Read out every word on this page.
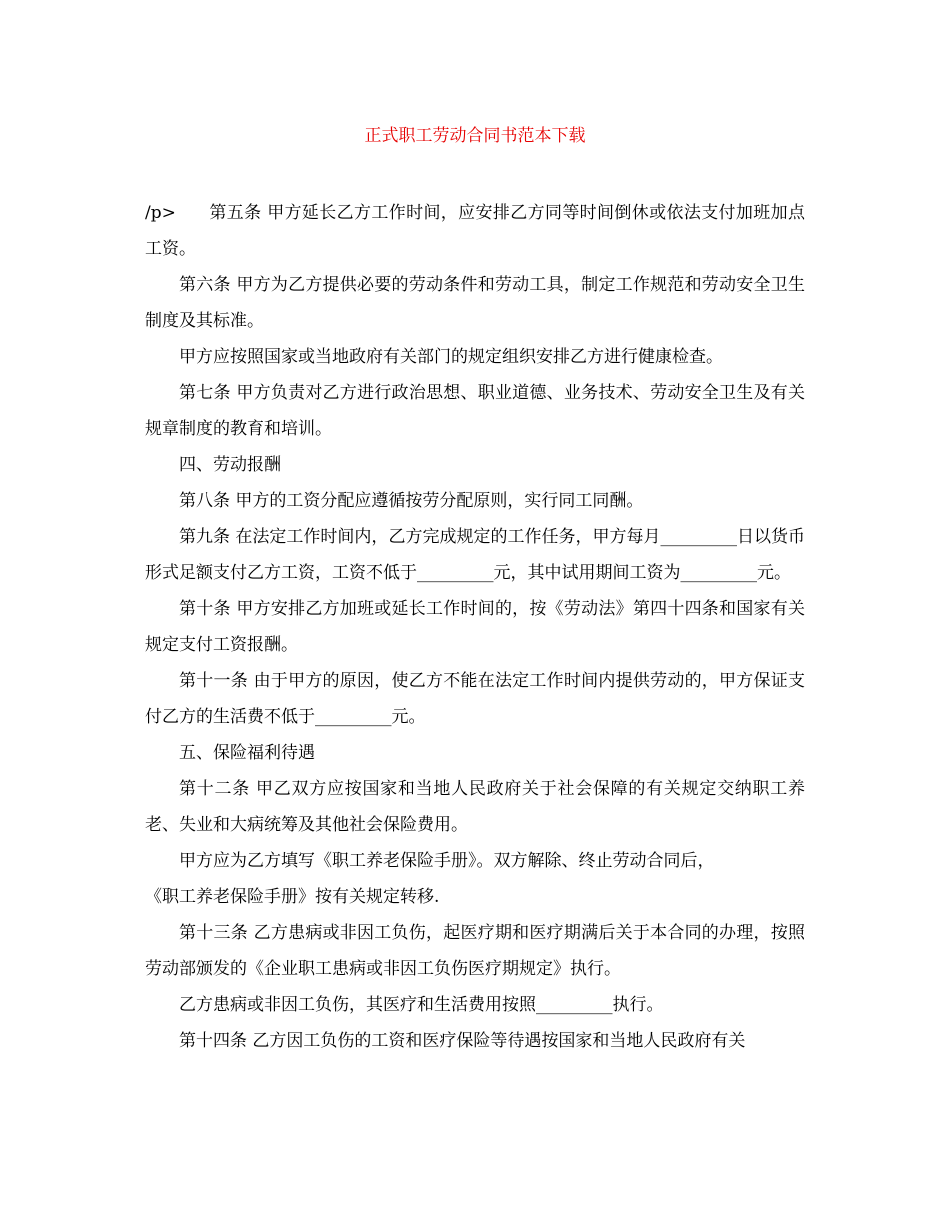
正式职工劳动合同书范本下载

/p> 第五条 甲方延长乙方工作时间，应安排乙方同等时间倒休或依法支付加班加点工资。

第六条 甲方为乙方提供必要的劳动条件和劳动工具，制定工作规范和劳动安全卫生制度及其标准。

甲方应按照国家或当地政府有关部门的规定组织安排乙方进行健康检查。

第七条 甲方负责对乙方进行政治思想、职业道德、业务技术、劳动安全卫生及有关规章制度的教育和培训。

四、劳动报酬

第八条 甲方的工资分配应遵循按劳分配原则，实行同工同酬。

第九条 在法定工作时间内，乙方完成规定的工作任务，甲方每月_________日以货币形式足额支付乙方工资，工资不低于_________元，其中试用期间工资为_________元。

第十条 甲方安排乙方加班或延长工作时间的，按《劳动法》第四十四条和国家有关规定支付工资报酬。

第十一条 由于甲方的原因，使乙方不能在法定工作时间内提供劳动的，甲方保证支付乙方的生活费不低于_________元。

五、保险福利待遇

第十二条 甲乙双方应按国家和当地人民政府关于社会保障的有关规定交纳职工养老、失业和大病统筹及其他社会保险费用。

甲方应为乙方填写《职工养老保险手册》。双方解除、终止劳动合同后，

《职工养老保险手册》按有关规定转移.

第十三条 乙方患病或非因工负伤，起医疗期和医疗期满后关于本合同的办理，按照劳动部颁发的《企业职工患病或非因工负伤医疗期规定》执行。

乙方患病或非因工负伤，其医疗和生活费用按照_________执行。

第十四条 乙方因工负伤的工资和医疗保险等待遇按国家和当地人民政府有关
